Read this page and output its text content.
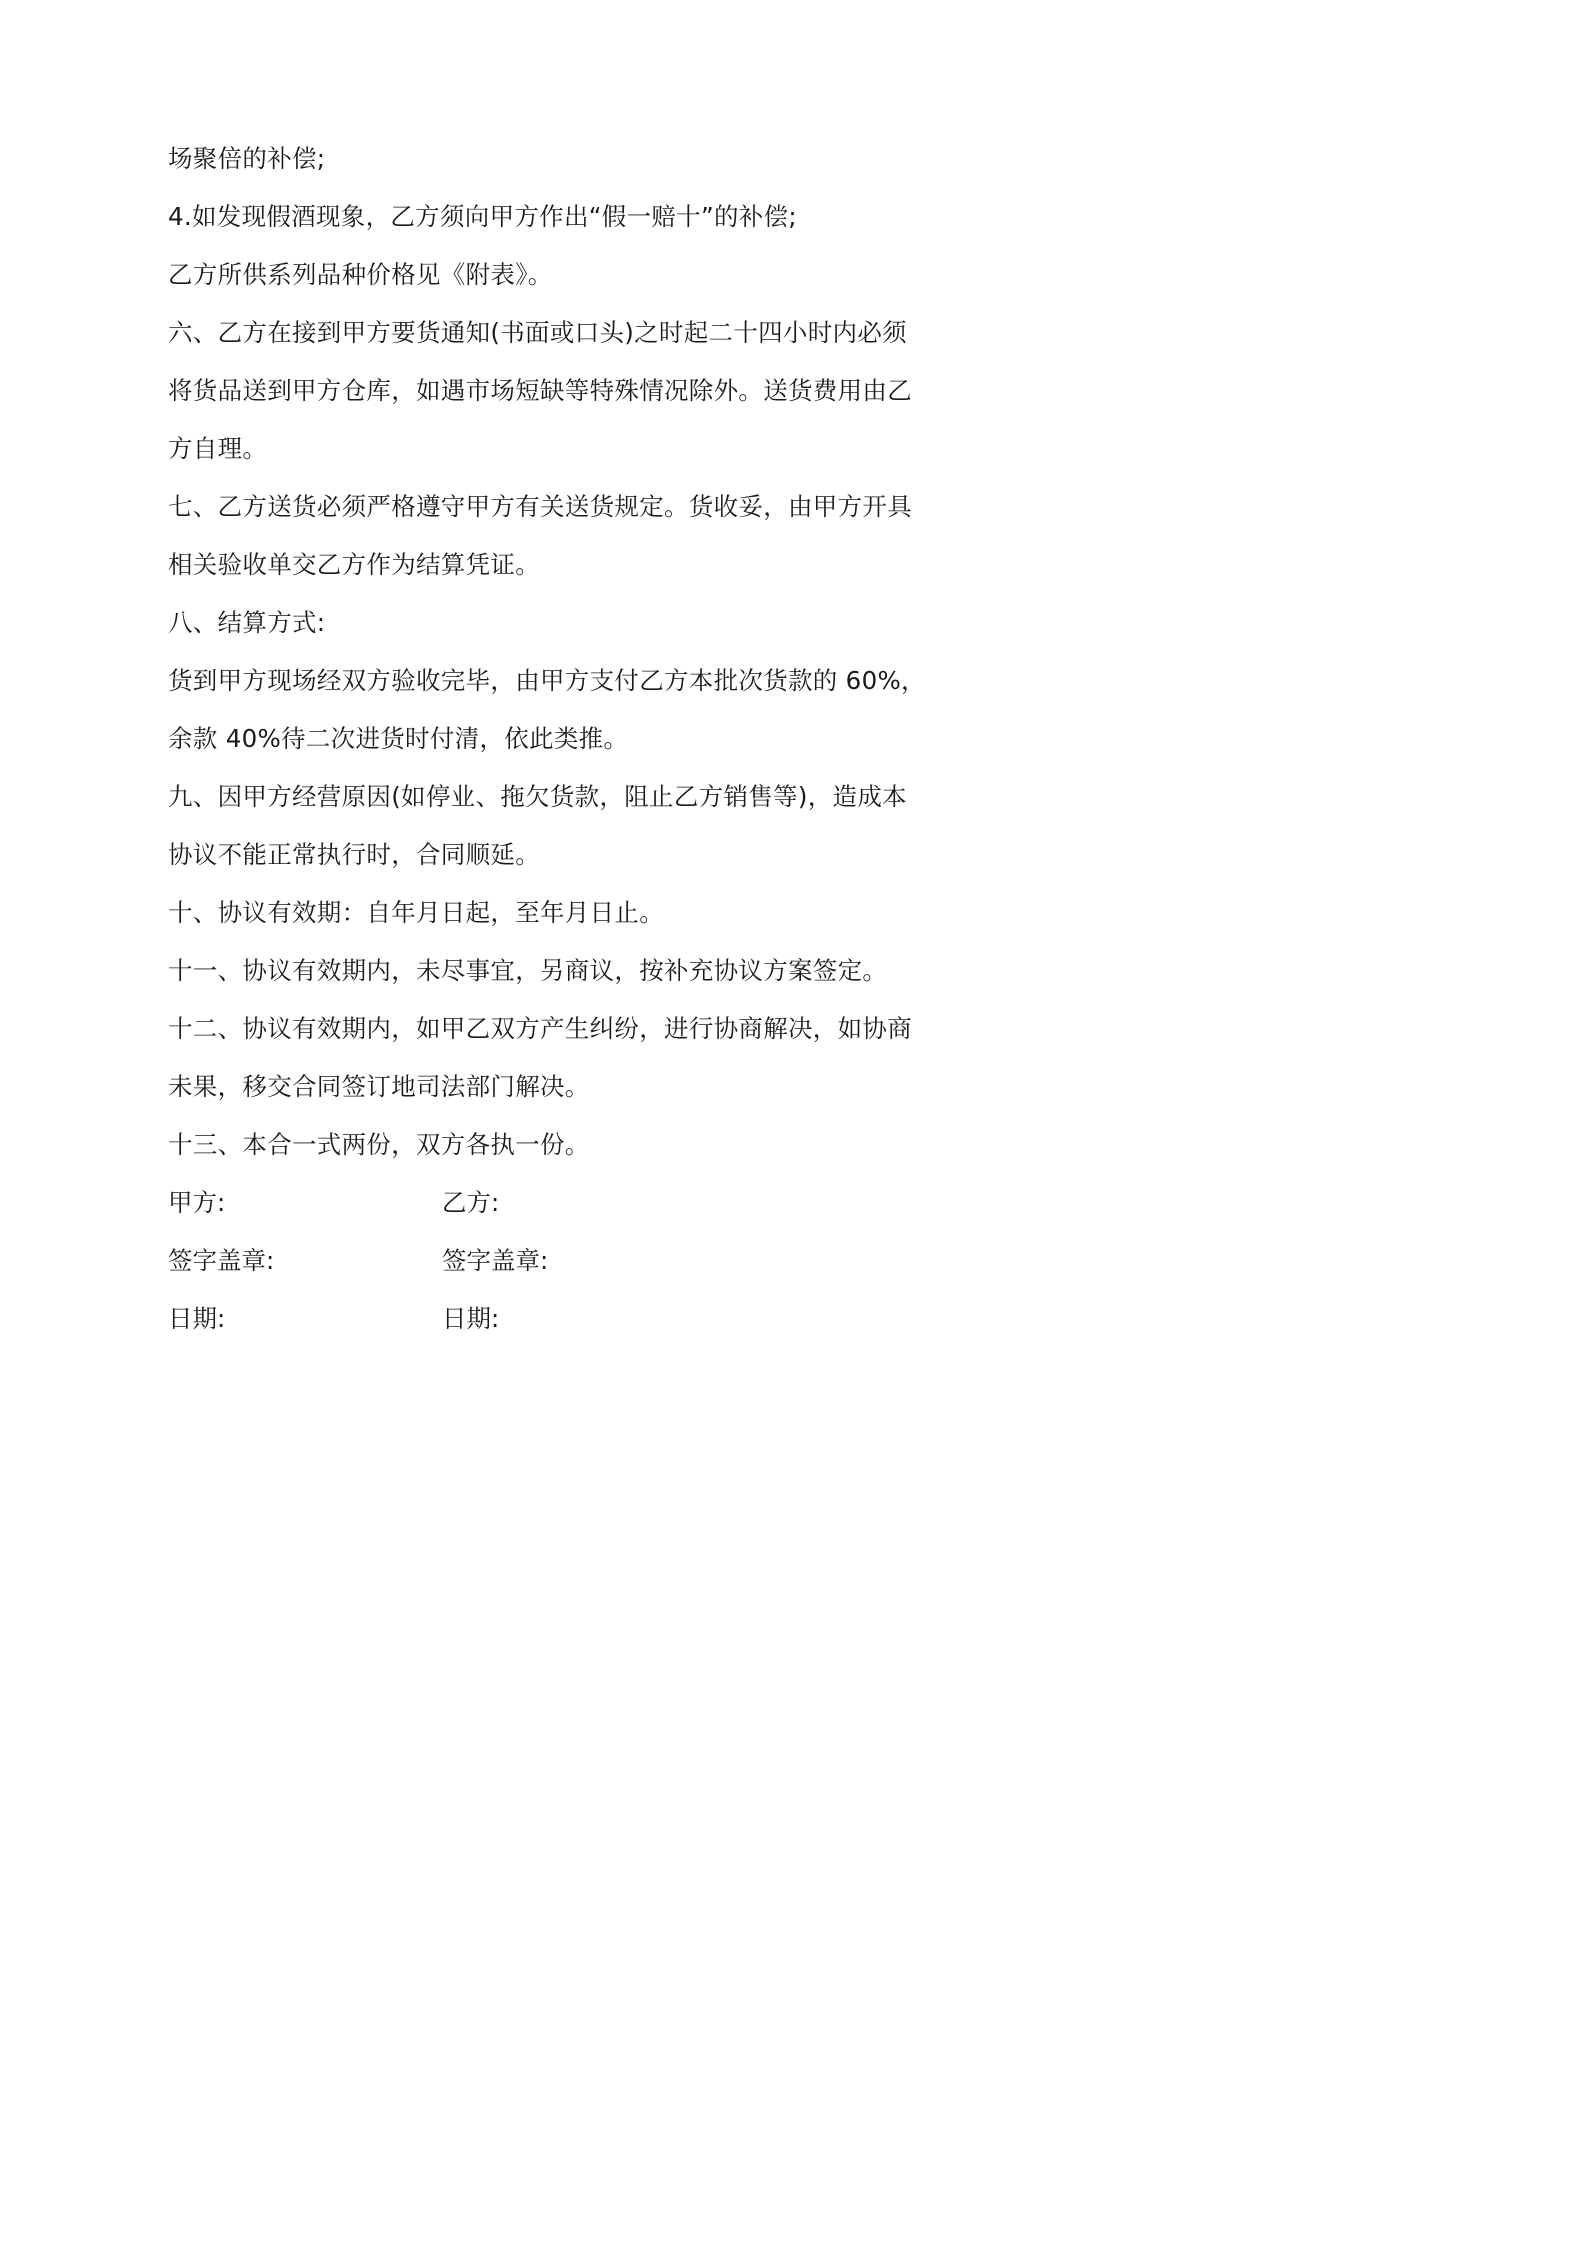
场聚倍的补偿;
4.如发现假酒现象，乙方须向甲方作出“假一赔十”的补偿;
乙方所供系列品种价格见《附表》。
六、乙方在接到甲方要货通知(书面或口头)之时起二十四小时内必须
将货品送到甲方仓库，如遇市场短缺等特殊情况除外。送货费用由乙
方自理。
七、乙方送货必须严格遵守甲方有关送货规定。货收妥，由甲方开具
相关验收单交乙方作为结算凭证。
八、结算方式:
货到甲方现场经双方验收完毕，由甲方支付乙方本批次货款的 60%，
余款 40%待二次进货时付清，依此类推。
九、因甲方经营原因(如停业、拖欠货款，阻止乙方销售等)，造成本
协议不能正常执行时，合同顺延。
十、协议有效期：自年月日起，至年月日止。
十一、协议有效期内，未尽事宜，另商议，按补充协议方案签定。
十二、协议有效期内，如甲乙双方产生纠纷，进行协商解决，如协商
未果，移交合同签订地司法部门解决。
十三、本合一式两份，双方各执一份。
甲方:	乙方:
签字盖章:	签字盖章:
日期:	日期:
